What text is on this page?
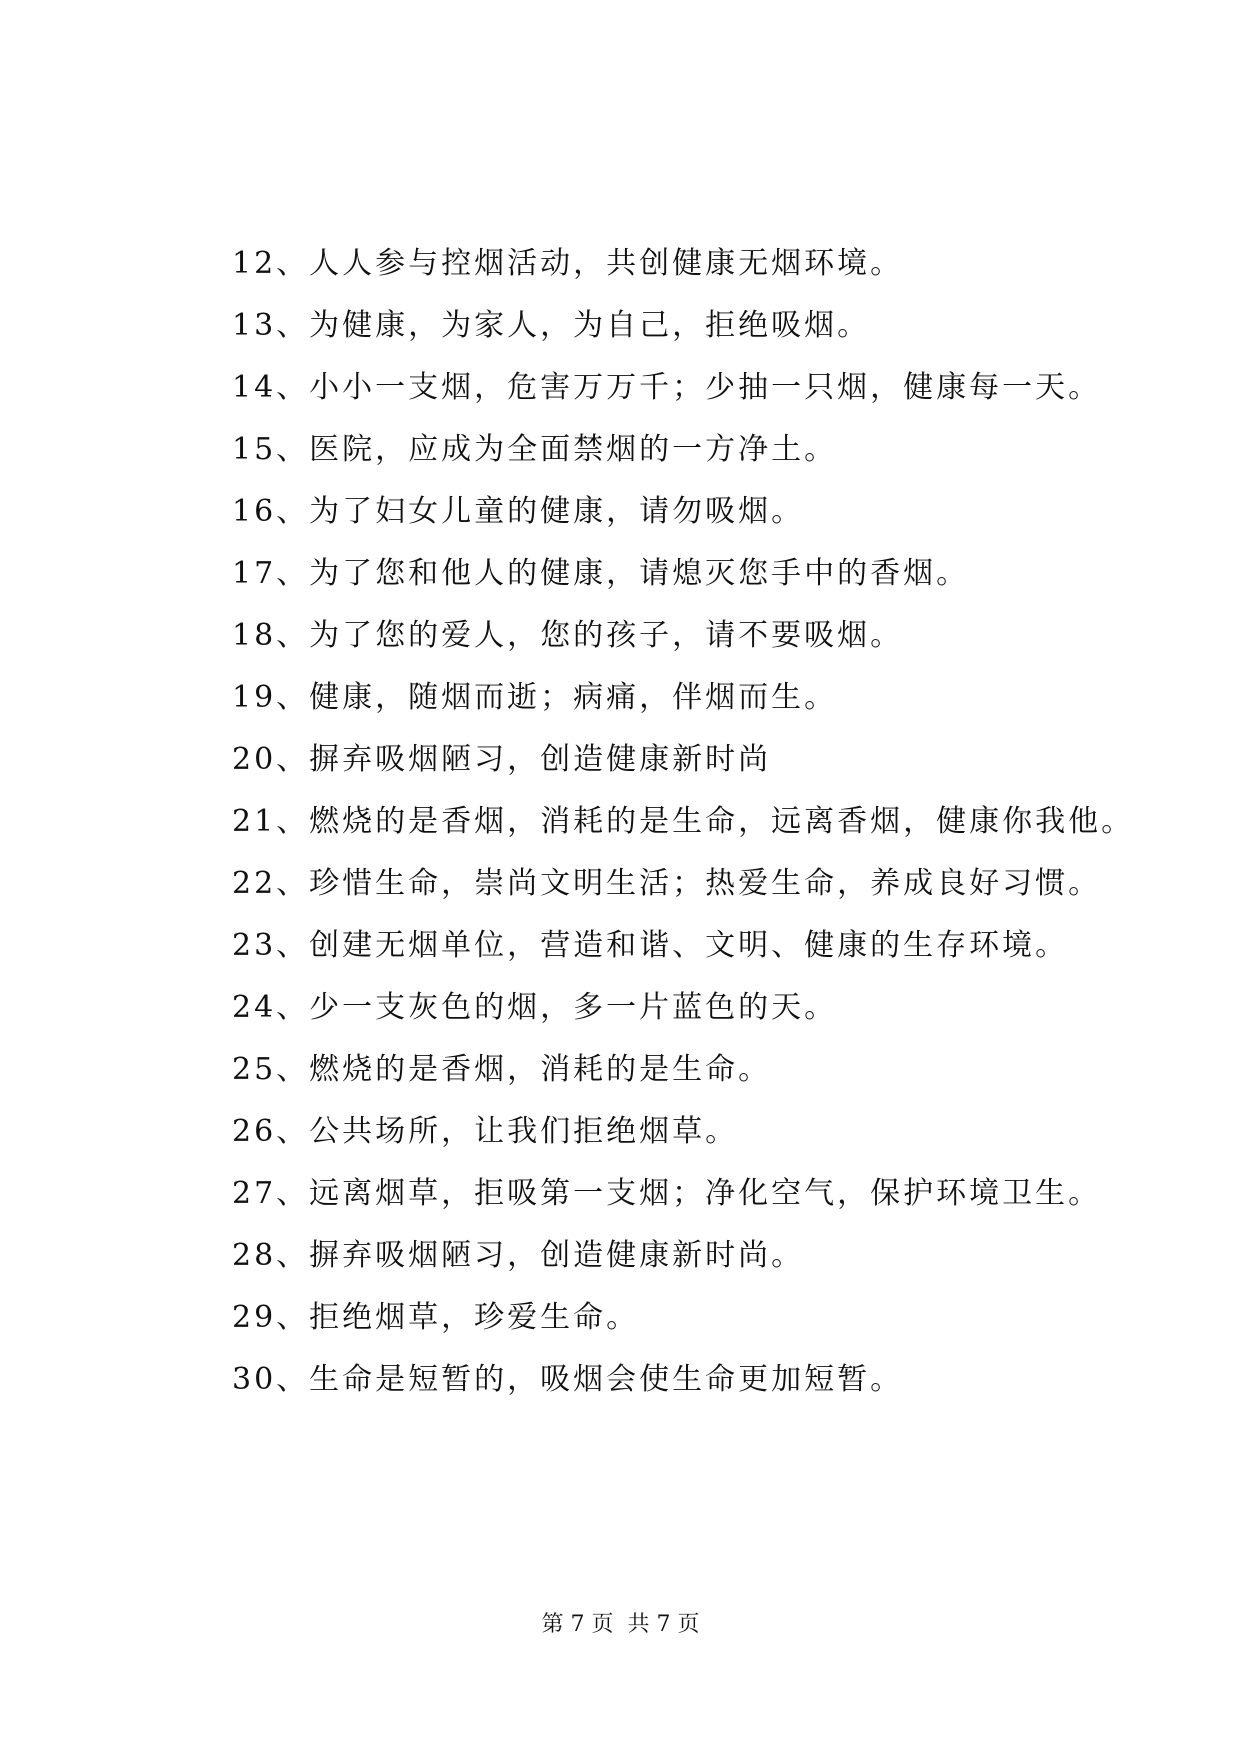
12、人人参与控烟活动，共创健康无烟环境。

13、为健康，为家人，为自己，拒绝吸烟。

14、小小一支烟，危害万万千；少抽一只烟，健康每一天。

15、医院，应成为全面禁烟的一方净土。

16、为了妇女儿童的健康，请勿吸烟。

17、为了您和他人的健康，请熄灭您手中的香烟。

18、为了您的爱人，您的孩子，请不要吸烟。

19、健康，随烟而逝；病痛，伴烟而生。

20、摒弃吸烟陋习，创造健康新时尚

21、燃烧的是香烟，消耗的是生命，远离香烟，健康你我他。

22、珍惜生命，崇尚文明生活；热爱生命，养成良好习惯。

23、创建无烟单位，营造和谐、文明、健康的生存环境。

24、少一支灰色的烟，多一片蓝色的天。

25、燃烧的是香烟，消耗的是生命。

26、公共场所，让我们拒绝烟草。

27、远离烟草，拒吸第一支烟；净化空气，保护环境卫生。

28、摒弃吸烟陋习，创造健康新时尚。

29、拒绝烟草，珍爱生命。

30、生命是短暂的，吸烟会使生命更加短暂。

第 7 页  共 7 页
